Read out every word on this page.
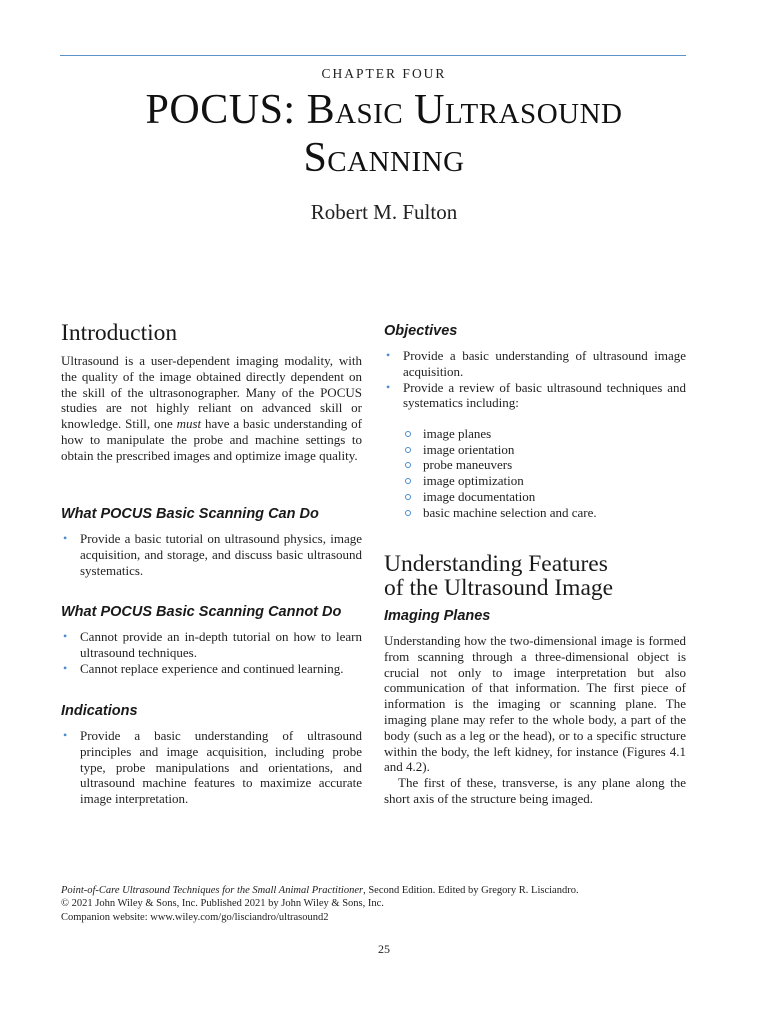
CHAPTER FOUR
POCUS: Basic Ultrasound
Scanning
Robert M. Fulton
Introduction

Ultrasound is a user-dependent imaging modality, with the quality of the image obtained directly dependent on the skill of the ultrasonographer. Many of the POCUS studies are not highly reliant on advanced skill or knowledge. Still, one must have a basic understanding of how to manipulate the probe and machine settings to obtain the prescribed images and optimize image quality.

What POCUS Basic Scanning Can Do
• Provide a basic tutorial on ultrasound physics, image acquisition, and storage, and discuss basic ultrasound systematics.
What POCUS Basic Scanning Cannot Do
• Cannot provide an in-depth tutorial on how to learn ultrasound techniques.
• Cannot replace experience and continued learning.
Indications
• Provide a basic understanding of ultrasound principles and image acquisition, including probe type, probe manipulations and orientations, and ultrasound machine features to maximize accurate image interpretation.
Objectives
• Provide a basic understanding of ultrasound image acquisition.
• Provide a review of basic ultrasound techniques and systematics including:
image planes
image orientation
probe maneuvers
image optimization
image documentation
basic machine selection and care.
Understanding Features
of the Ultrasound Image
Imaging Planes

Understanding how the two-dimensional image is formed from scanning through a three-dimensional object is crucial not only to image interpretation but also communication of that information. The first piece of information is the imaging or scanning plane. The imaging plane may refer to the whole body, a part of the body (such as a leg or the head), or to a specific structure within the body, the left kidney, for instance (Figures 4.1 and 4.2).

The first of these, transverse, is any plane along the short axis of the structure being imaged.

Point-of-Care Ultrasound Techniques for the Small Animal Practitioner, Second Edition. Edited by Gregory R. Lisciandro.
© 2021 John Wiley & Sons, Inc. Published 2021 by John Wiley & Sons, Inc.
Companion website: www.wiley.com/go/lisciandro/ultrasound2
25
